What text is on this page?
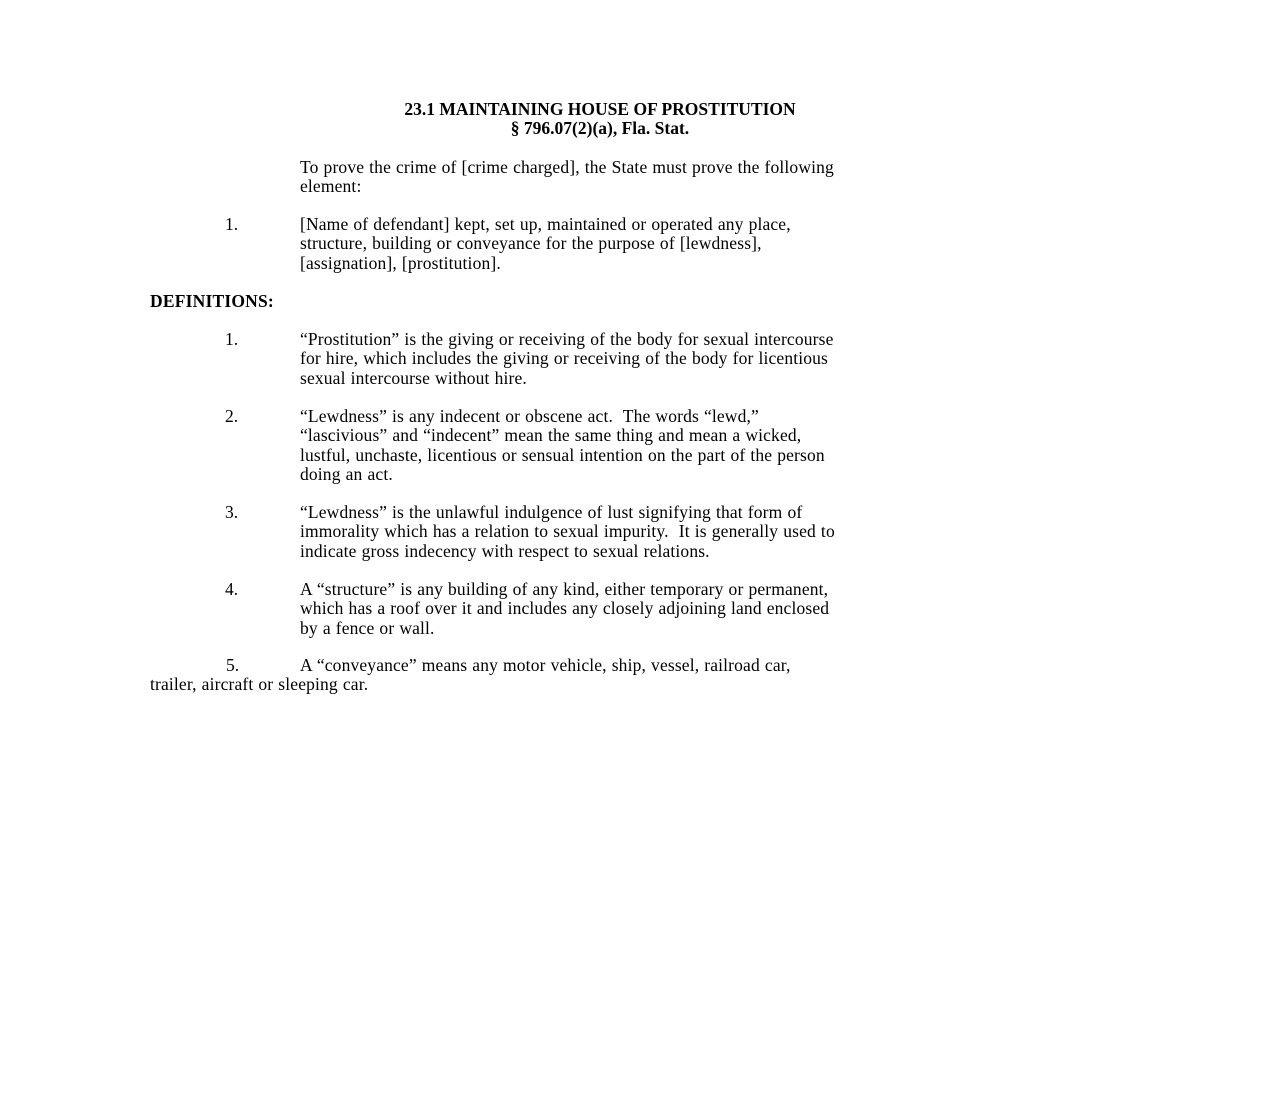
23.1 MAINTAINING HOUSE OF PROSTITUTION
§ 796.07(2)(a), Fla. Stat.
To prove the crime of [crime charged], the State must prove the following
element:
1.	[Name of defendant] kept, set up, maintained or operated any place,
structure, building or conveyance for the purpose of [lewdness],
[assignation], [prostitution].
DEFINITIONS:
1.	“Prostitution” is the giving or receiving of the body for sexual intercourse
for hire, which includes the giving or receiving of the body for licentious
sexual intercourse without hire.
2.	“Lewdness” is any indecent or obscene act.  The words “lewd,”
“lascivious” and “indecent” mean the same thing and mean a wicked,
lustful, unchaste, licentious or sensual intention on the part of the person
doing an act.
3.	“Lewdness” is the unlawful indulgence of lust signifying that form of
immorality which has a relation to sexual impurity.  It is generally used to
indicate gross indecency with respect to sexual relations.
4.	A “structure” is any building of any kind, either temporary or permanent,
which has a roof over it and includes any closely adjoining land enclosed
by a fence or wall.
5.	A “conveyance” means any motor vehicle, ship, vessel, railroad car,
trailer, aircraft or sleeping car.
